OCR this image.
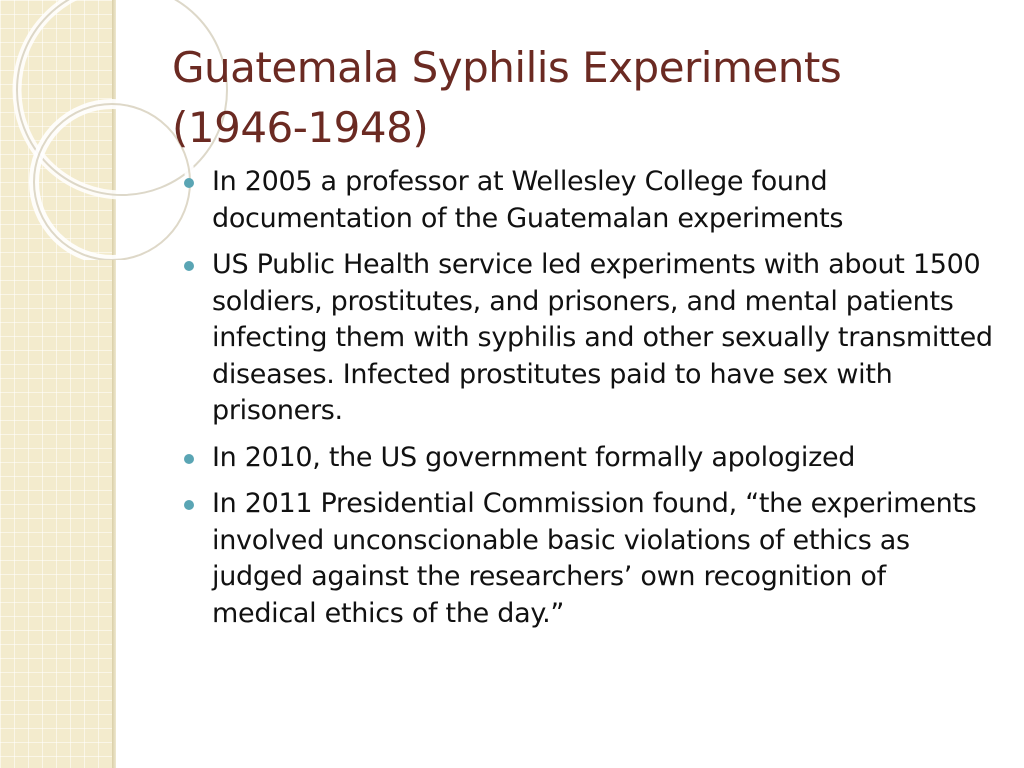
Guatemala Syphilis Experiments
(1946-1948)
In 2005 a professor at Wellesley College found documentation of the Guatemalan experiments
US Public Health service led experiments with about 1500 soldiers, prostitutes, and prisoners, and mental patients infecting them with syphilis and other sexually transmitted diseases. Infected prostitutes paid to have sex with prisoners.
In 2010, the US government formally apologized
In 2011 Presidential Commission found, “the experiments involved unconscionable basic violations of ethics as judged against the researchers’ own recognition of medical ethics of the day.”
